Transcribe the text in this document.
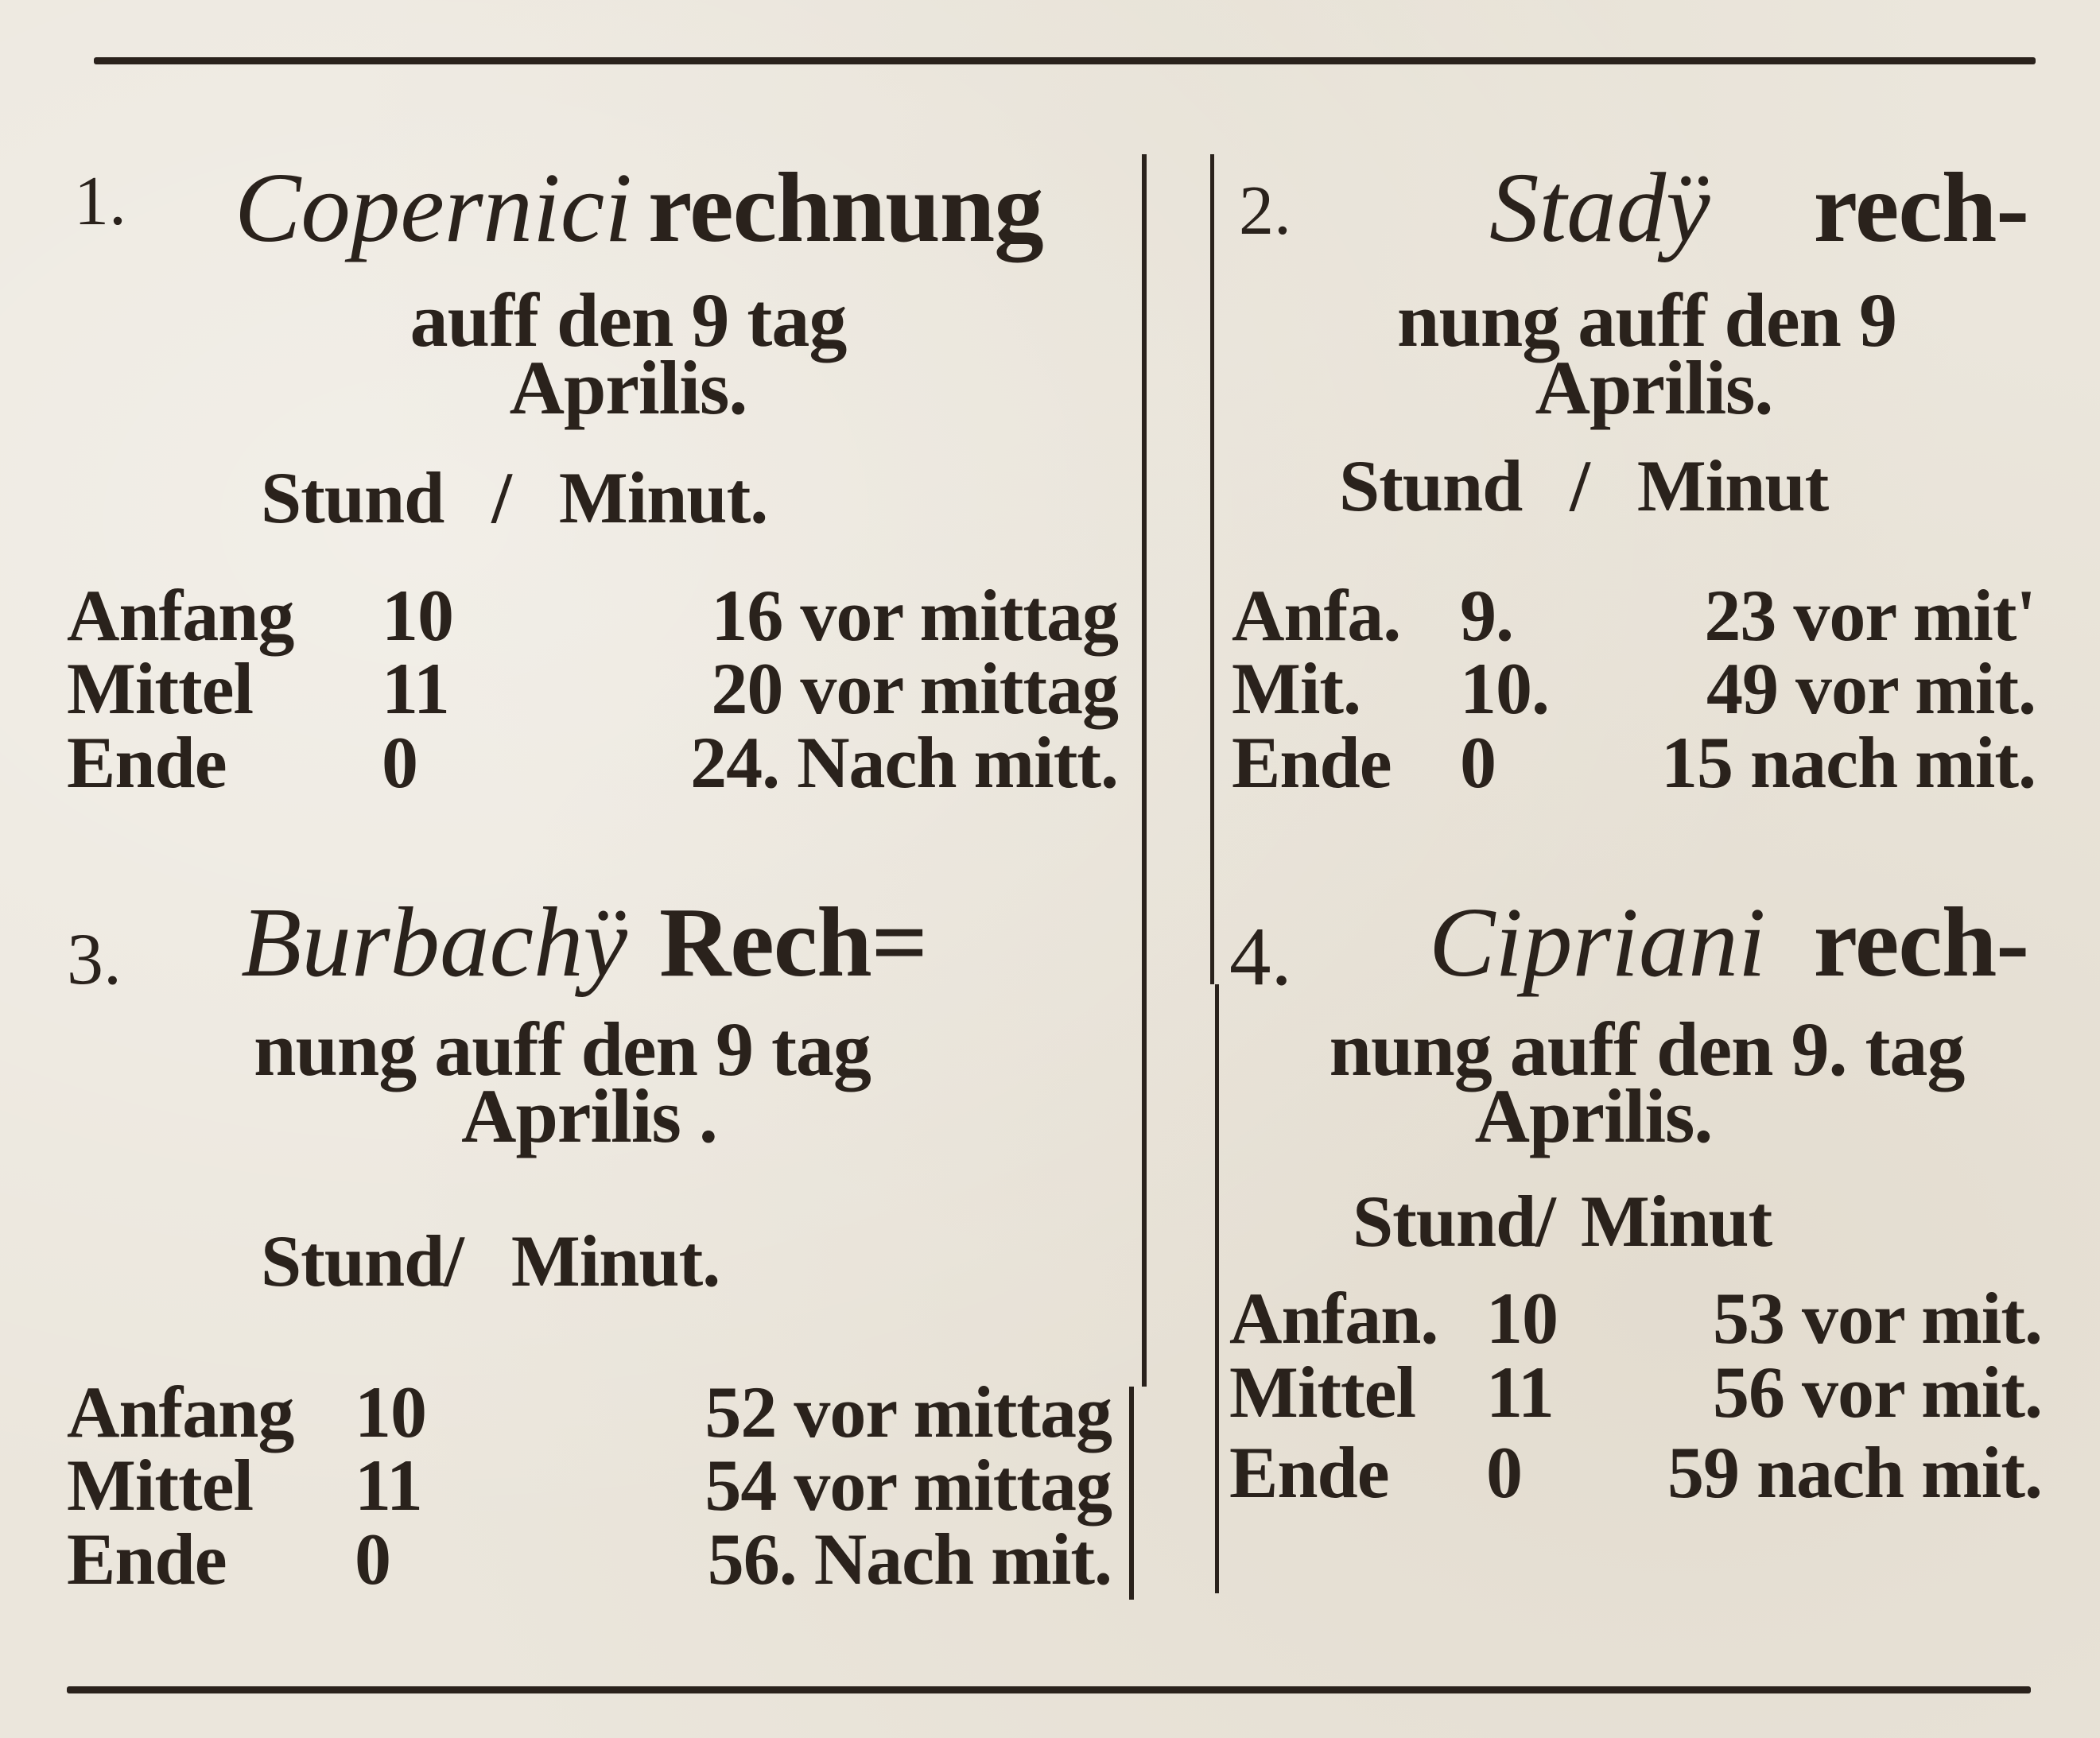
1. Copernici rechnung
auff den 9 tag
Aprilis.
Stund / Minut.
Anfang 10	16 vor mittag
Mittel 11	20 vor mittag
Ende 0	24. Nach mitt.
2. Stadÿ rech-
nung auff den 9
Aprilis.
Stund / Minut
Anfa. 9.	23 vor mit'
Mit. 10. 49 vor mit.
Ende 0 15 nach mit.
3. Burbachÿ Rech=
nung auff den 9 tag
Aprilis .
Stund/ Minut.
Anfang 10	52 vor mittag
Mittel 11	54 vor mittag
Ende 0	56. Nach mit.
4. Cipriani rech-
nung auff den 9. tag
Aprilis.
Stund/ Minut
Anfan. 10 53 vor mit.
Mittel 11 56 vor mit.
Ende 0 59 nach mit.
